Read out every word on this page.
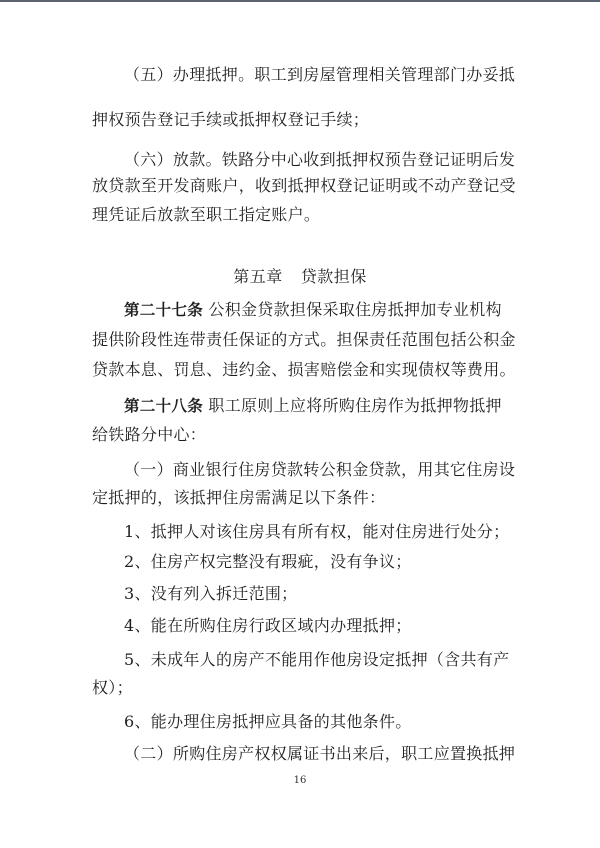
（五）办理抵押。职工到房屋管理相关管理部门办妥抵
押权预告登记手续或抵押权登记手续；
（六）放款。铁路分中心收到抵押权预告登记证明后发
放贷款至开发商账户，收到抵押权登记证明或不动产登记受
理凭证后放款至职工指定账户。
第五章 贷款担保
第二十七条 公积金贷款担保采取住房抵押加专业机构
提供阶段性连带责任保证的方式。担保责任范围包括公积金
贷款本息、罚息、违约金、损害赔偿金和实现债权等费用。
第二十八条 职工原则上应将所购住房作为抵押物抵押
给铁路分中心：
（一）商业银行住房贷款转公积金贷款，用其它住房设
定抵押的，该抵押住房需满足以下条件：
1、抵押人对该住房具有所有权，能对住房进行处分；
2、住房产权完整没有瑕疵，没有争议；
3、没有列入拆迁范围；
4、能在所购住房行政区域内办理抵押；
5、未成年人的房产不能用作他房设定抵押（含共有产
权）；
6、能办理住房抵押应具备的其他条件。
（二）所购住房产权权属证书出来后，职工应置换抵押
16
